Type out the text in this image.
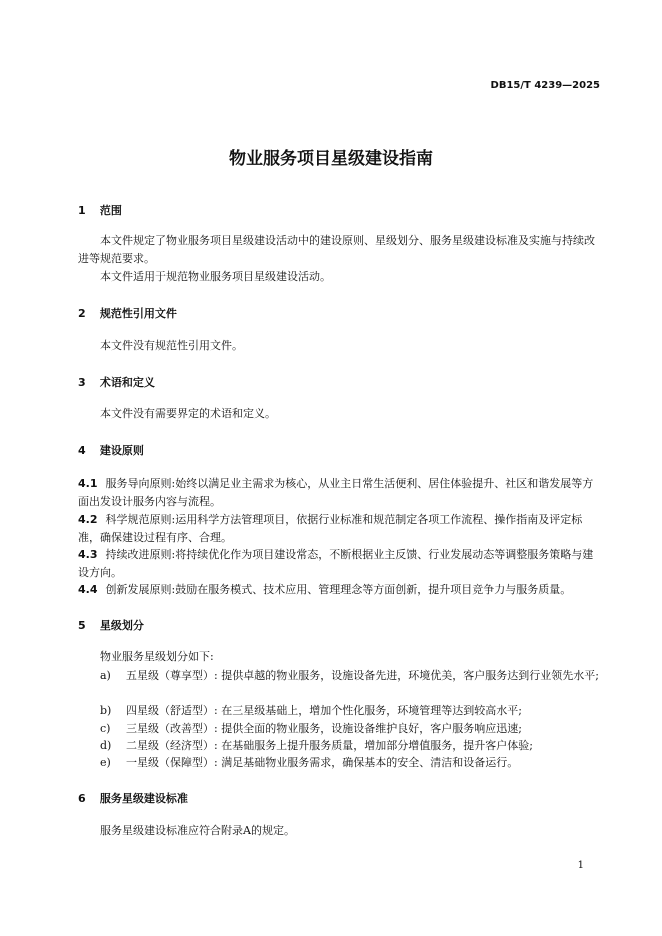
DB15/T 4239—2025
物业服务项目星级建设指南
1 范围

本文件规定了物业服务项目星级建设活动中的建设原则、星级划分、服务星级建设标准及实施与持续改进等规范要求。

本文件适用于规范物业服务项目星级建设活动。

2 规范性引用文件

本文件没有规范性引用文件。

3 术语和定义

本文件没有需要界定的术语和定义。

4 建设原则

4.1 服务导向原则:始终以满足业主需求为核心，从业主日常生活便利、居住体验提升、社区和谐发展等方面出发设计服务内容与流程。

4.2 科学规范原则:运用科学方法管理项目，依据行业标准和规范制定各项工作流程、操作指南及评定标准，确保建设过程有序、合理。

4.3 持续改进原则:将持续优化作为项目建设常态，不断根据业主反馈、行业发展动态等调整服务策略与建设方向。

4.4 创新发展原则:鼓励在服务模式、技术应用、管理理念等方面创新，提升项目竞争力与服务质量。

5 星级划分

物业服务星级划分如下:

a) 五星级（尊享型）: 提供卓越的物业服务，设施设备先进，环境优美，客户服务达到行业领先水平;
b) 四星级（舒适型）: 在三星级基础上，增加个性化服务，环境管理等达到较高水平;
c) 三星级（改善型）: 提供全面的物业服务，设施设备维护良好，客户服务响应迅速;
d) 二星级（经济型）: 在基础服务上提升服务质量，增加部分增值服务，提升客户体验;
e) 一星级（保障型）: 满足基础物业服务需求，确保基本的安全、清洁和设备运行。
6 服务星级建设标准

服务星级建设标准应符合附录A的规定。

1
